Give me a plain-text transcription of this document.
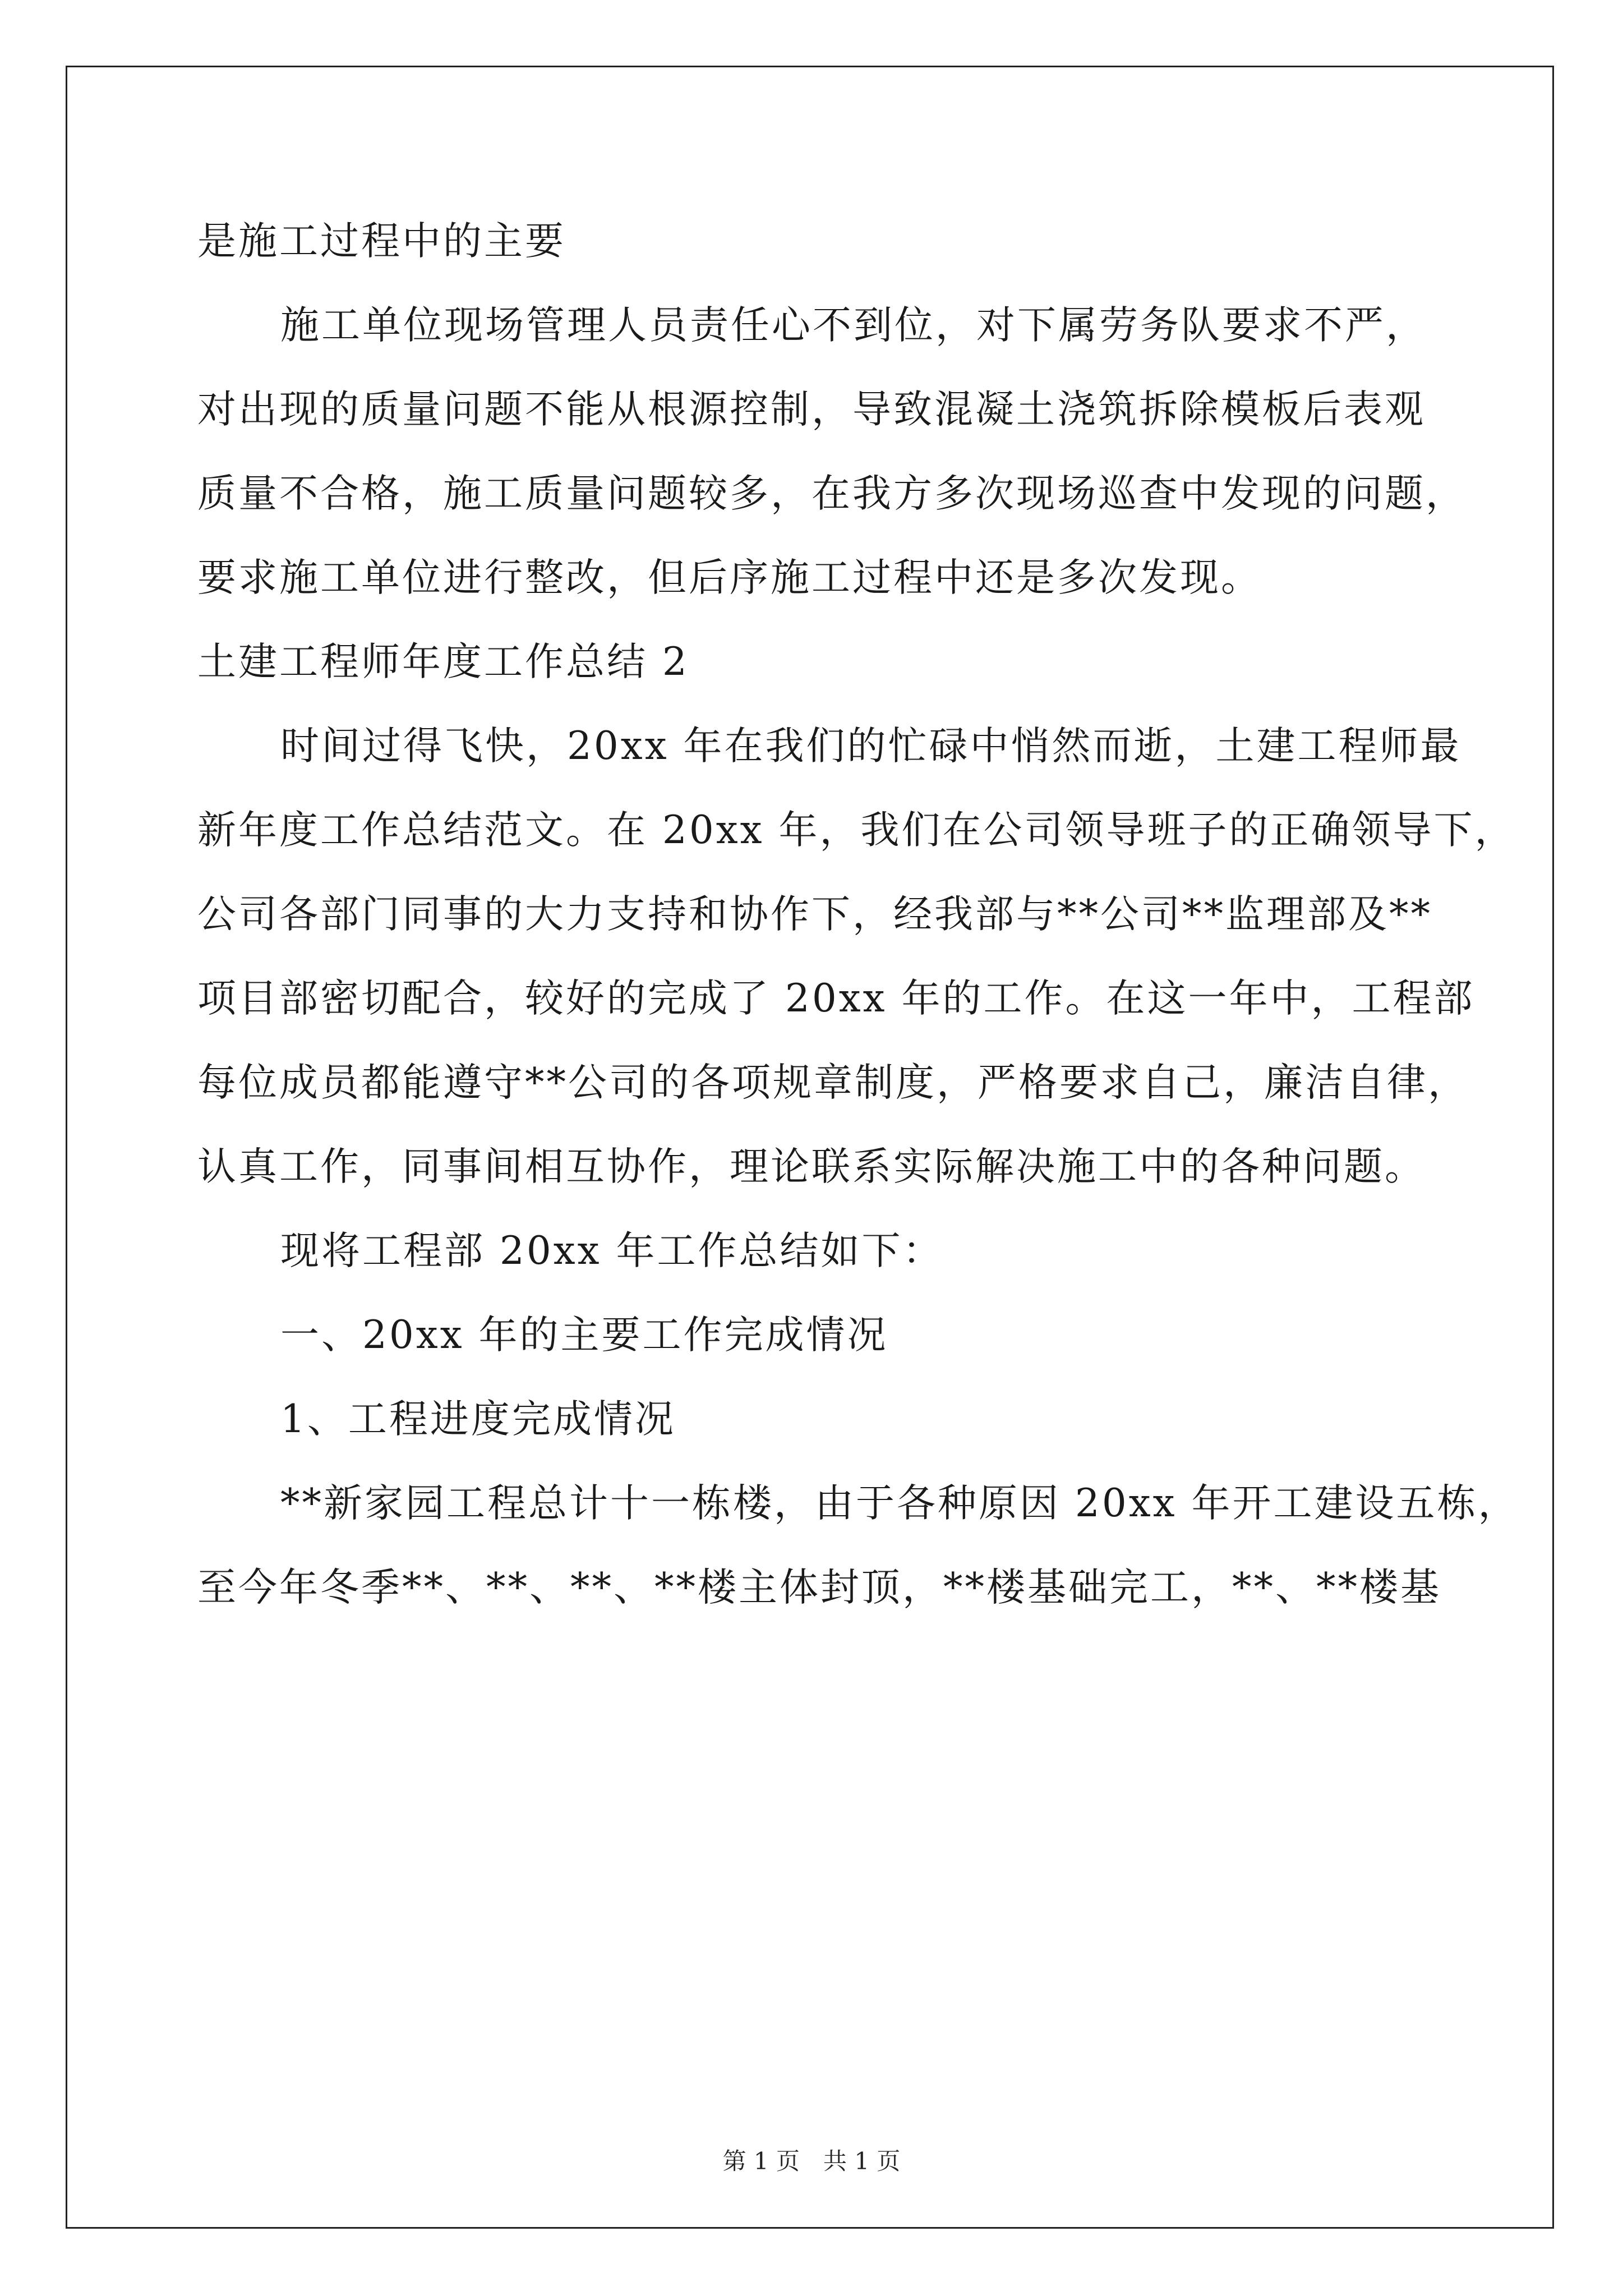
是施工过程中的主要
施工单位现场管理人员责任心不到位，对下属劳务队要求不严，
对出现的质量问题不能从根源控制，导致混凝土浇筑拆除模板后表观
质量不合格，施工质量问题较多，在我方多次现场巡查中发现的问题，
要求施工单位进行整改，但后序施工过程中还是多次发现。
土建工程师年度工作总结 2
时间过得飞快，20xx 年在我们的忙碌中悄然而逝，土建工程师最
新年度工作总结范文。在 20xx 年，我们在公司领导班子的正确领导下，
公司各部门同事的大力支持和协作下，经我部与**公司**监理部及**
项目部密切配合，较好的完成了 20xx 年的工作。在这一年中，工程部
每位成员都能遵守**公司的各项规章制度，严格要求自己，廉洁自律，
认真工作，同事间相互协作，理论联系实际解决施工中的各种问题。
现将工程部 20xx 年工作总结如下：
一、20xx 年的主要工作完成情况
1、工程进度完成情况
**新家园工程总计十一栋楼，由于各种原因 20xx 年开工建设五栋，
至今年冬季**、**、**、**楼主体封顶，**楼基础完工，**、**楼基
第 1 页 共 1 页
